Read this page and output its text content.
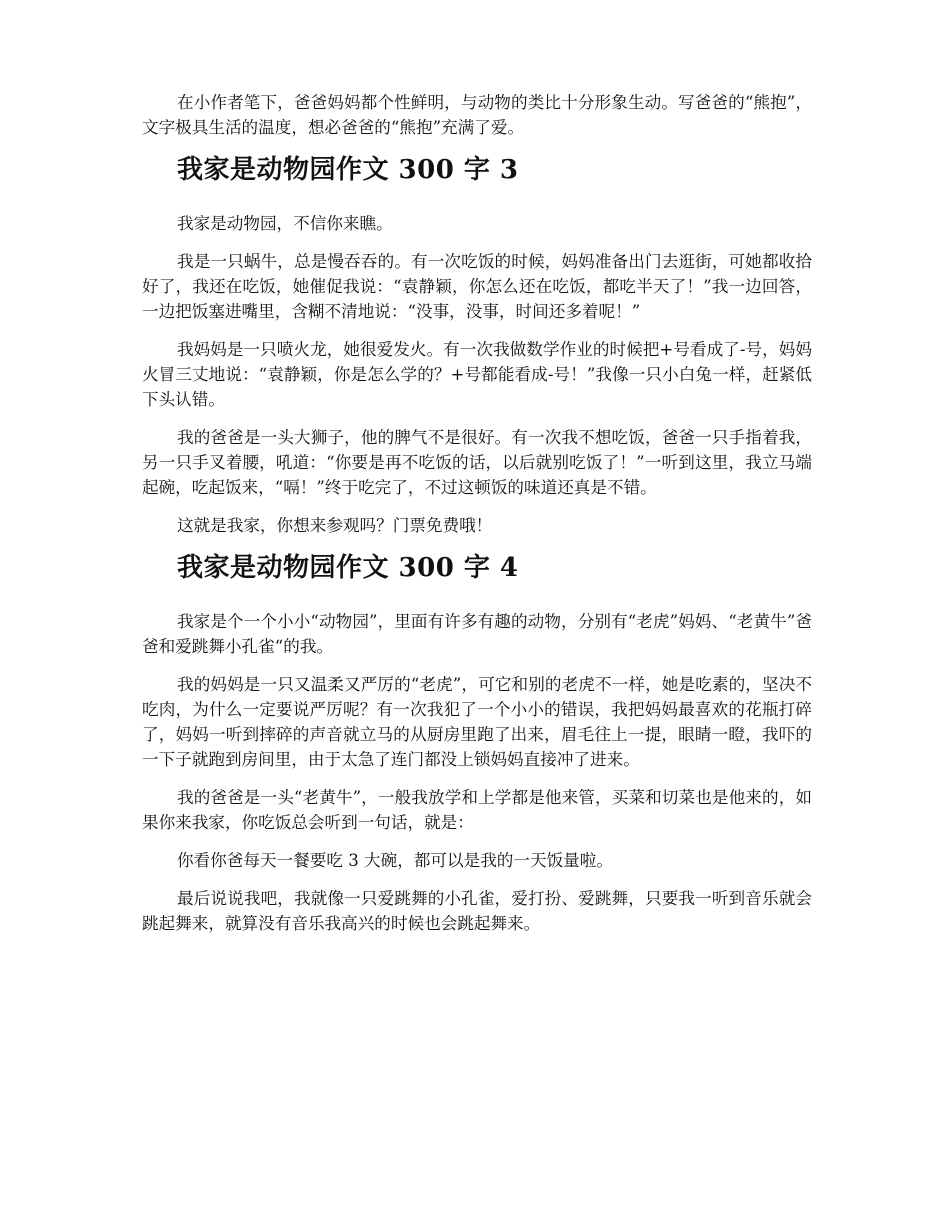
在小作者笔下，爸爸妈妈都个性鲜明，与动物的类比十分形象生动。写爸爸的“熊抱”，文字极具生活的温度，想必爸爸的“熊抱”充满了爱。

我家是动物园作文 300 字 3

我家是动物园，不信你来瞧。

我是一只蜗牛，总是慢吞吞的。有一次吃饭的时候，妈妈准备出门去逛街，可她都收拾好了，我还在吃饭，她催促我说：“袁静颖，你怎么还在吃饭，都吃半天了！”我一边回答，一边把饭塞进嘴里，含糊不清地说：“没事，没事，时间还多着呢！”

我妈妈是一只喷火龙，她很爱发火。有一次我做数学作业的时候把+号看成了-号，妈妈火冒三丈地说：“袁静颖，你是怎么学的？+号都能看成-号！”我像一只小白兔一样，赶紧低下头认错。

我的爸爸是一头大狮子，他的脾气不是很好。有一次我不想吃饭，爸爸一只手指着我，另一只手叉着腰，吼道：“你要是再不吃饭的话，以后就别吃饭了！”一听到这里，我立马端起碗，吃起饭来，“嗝！”终于吃完了，不过这顿饭的味道还真是不错。

这就是我家，你想来参观吗？门票免费哦！

我家是动物园作文 300 字 4

我家是个一个小小“动物园”，里面有许多有趣的动物，分别有“老虎”妈妈、“老黄牛”爸爸和爱跳舞小孔雀“的我。

我的妈妈是一只又温柔又严厉的“老虎”，可它和别的老虎不一样，她是吃素的，坚决不吃肉，为什么一定要说严厉呢？有一次我犯了一个小小的错误，我把妈妈最喜欢的花瓶打碎了，妈妈一听到摔碎的声音就立马的从厨房里跑了出来，眉毛往上一提，眼睛一瞪，我吓的一下子就跑到房间里，由于太急了连门都没上锁妈妈直接冲了进来。

我的爸爸是一头“老黄牛”，一般我放学和上学都是他来管，买菜和切菜也是他来的，如果你来我家，你吃饭总会听到一句话，就是：

你看你爸每天一餐要吃 3 大碗，都可以是我的一天饭量啦。

最后说说我吧，我就像一只爱跳舞的小孔雀，爱打扮、爱跳舞，只要我一听到音乐就会跳起舞来，就算没有音乐我高兴的时候也会跳起舞来。
